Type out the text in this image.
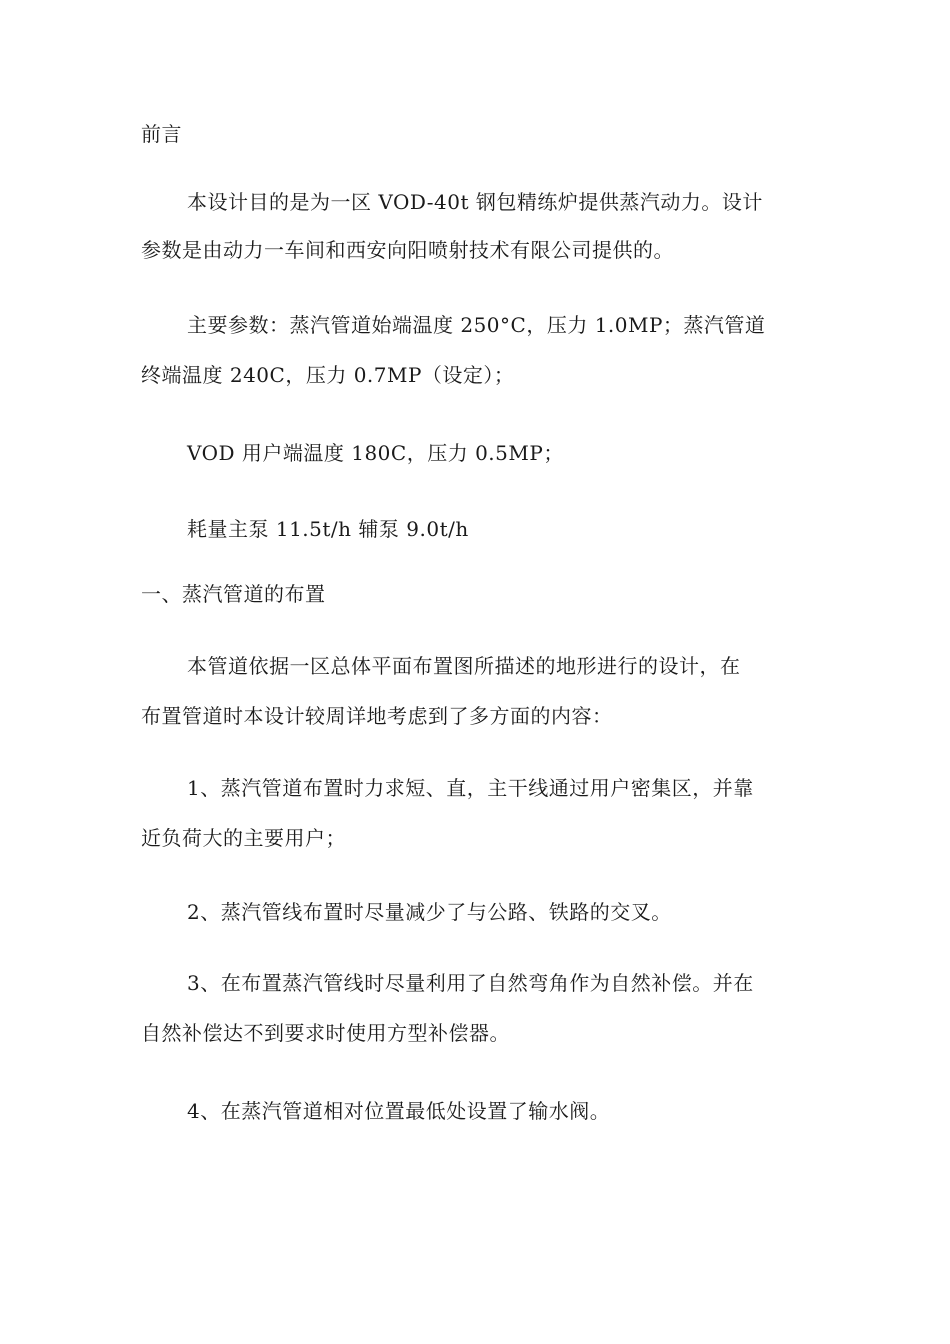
前言
本设计目的是为一区 VOD-40t 钢包精练炉提供蒸汽动力。设计
参数是由动力一车间和西安向阳喷射技术有限公司提供的。
主要参数：蒸汽管道始端温度 250°C，压力 1.0MP；蒸汽管道
终端温度 240C，压力 0.7MP（设定）；
VOD 用户端温度 180C，压力 0.5MP；
耗量主泵 11.5t/h 辅泵 9.0t/h
一、蒸汽管道的布置
本管道依据一区总体平面布置图所描述的地形进行的设计，在
布置管道时本设计较周详地考虑到了多方面的内容：
1、蒸汽管道布置时力求短、直，主干线通过用户密集区，并靠
近负荷大的主要用户；
2、蒸汽管线布置时尽量减少了与公路、铁路的交叉。
3、在布置蒸汽管线时尽量利用了自然弯角作为自然补偿。并在
自然补偿达不到要求时使用方型补偿器。
4、在蒸汽管道相对位置最低处设置了输水阀。
